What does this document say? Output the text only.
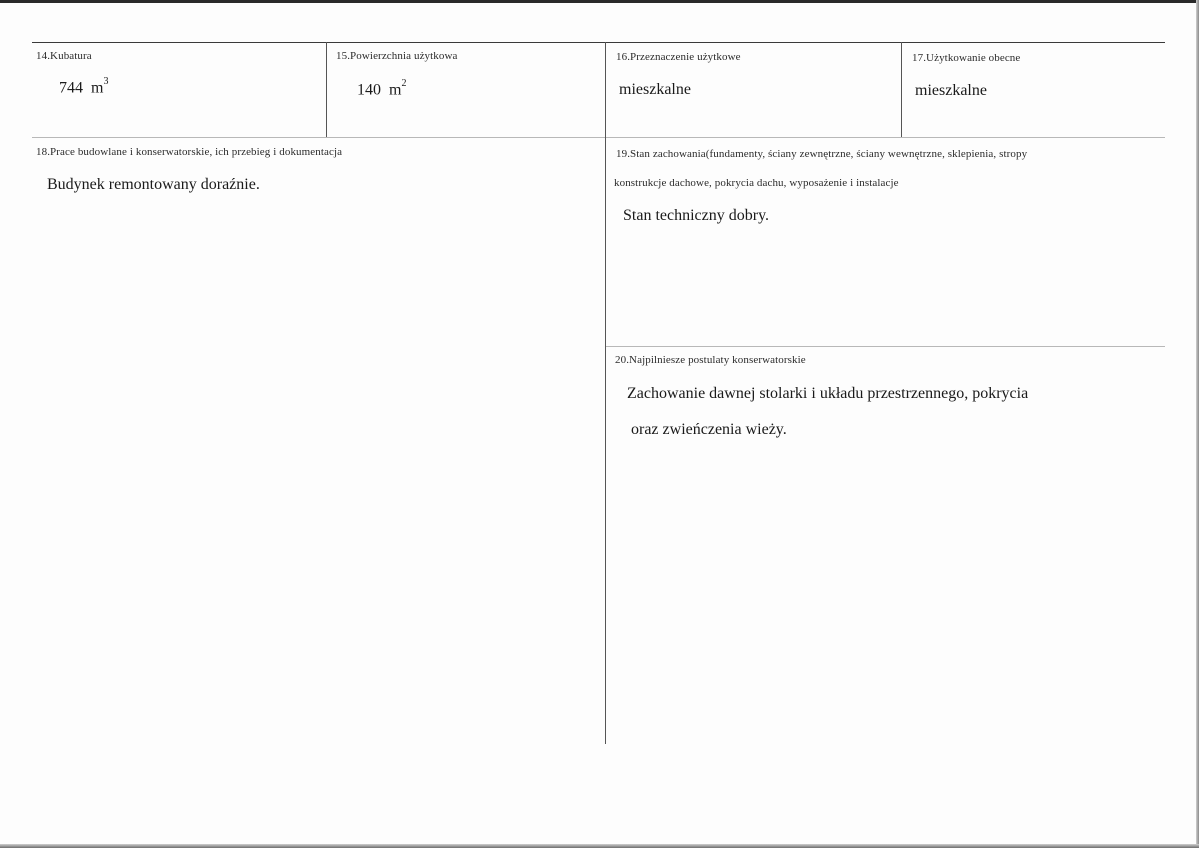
14.Kubatura
744 $m^3$
15.Powierzchnia użytkowa
140 $m^2$
16.Przeznaczenie użytkowe
mieszkalne
17.Użytkowanie obecne
mieszkalne
18.Prace budowlane i konserwatorskie, ich przebieg i dokumentacja
Budynek remontowany doraźnie.
19.Stan zachowania(fundamenty, ściany zewnętrzne, ściany wewnętrzne, sklepienia, stropy
konstrukcje dachowe, pokrycia dachu, wyposażenie i instalacje
Stan techniczny dobry.
20.Najpilniesze postulaty konserwatorskie
Zachowanie dawnej stolarki i układu przestrzennego, pokrycia
oraz zwieńczenia wieży.
